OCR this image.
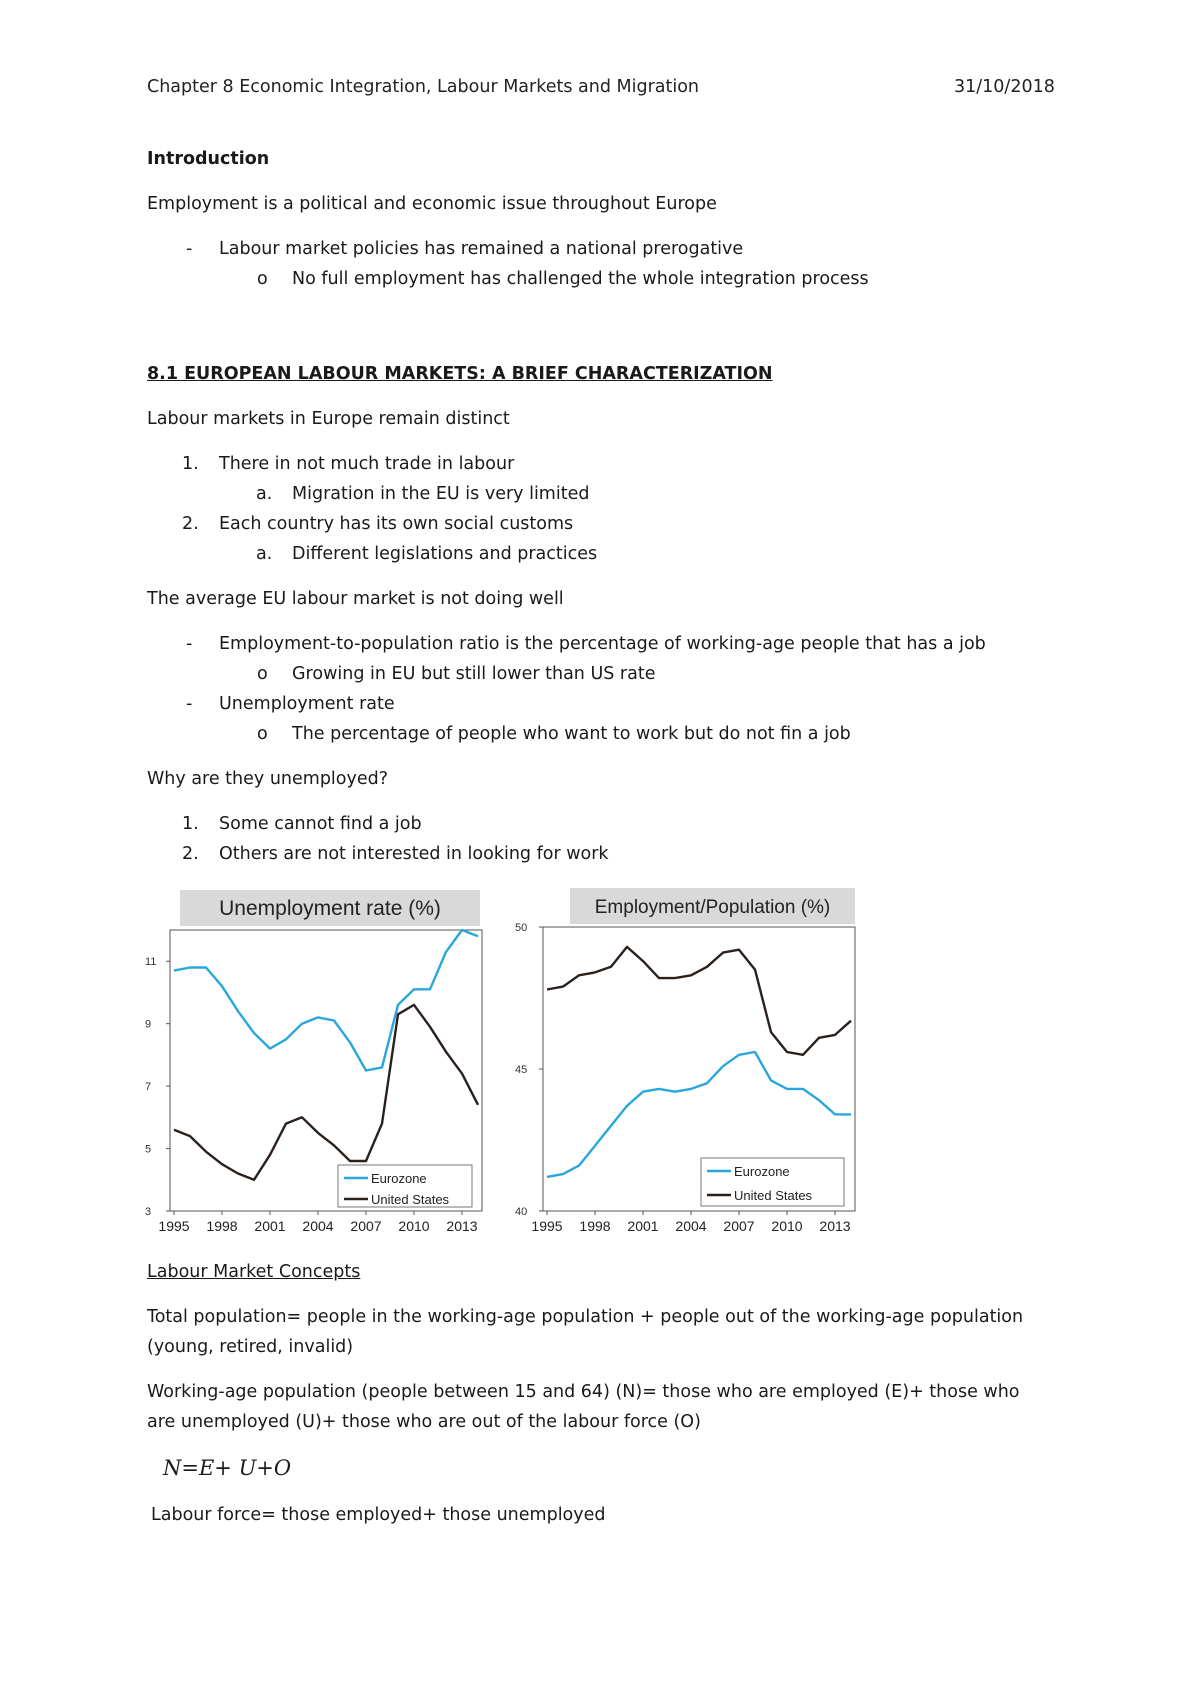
Chapter 8 Economic Integration, Labour Markets and Migration	31/10/2018
Introduction
Employment is a political and economic issue throughout Europe
- Labour market policies has remained a national prerogative
o No full employment has challenged the whole integration process
8.1 EUROPEAN LABOUR MARKETS: A BRIEF CHARACTERIZATION
Labour markets in Europe remain distinct
1. There in not much trade in labour
a. Migration in the EU is very limited
2. Each country has its own social customs
a. Different legislations and practices
The average EU labour market is not doing well
- Employment-to-population ratio is the percentage of working-age people that has a job
o Growing in EU but still lower than US rate
- Unemployment rate
o The percentage of people who want to work but do not fin a job
Why are they unemployed?
1. Some cannot find a job
2. Others are not interested in looking for work
Unemployment rate (%)
3
5
7
9
11
1995 1998 2001 2004 2007 2010 2013
Eurozone
United States
Employment/Population (%)
40
45
50
1995 1998 2001 2004 2007 2010 2013
Eurozone
United States
Labour Market Concepts
Total population= people in the working-age population + people out of the working-age population
(young, retired, invalid)
Working-age population (people between 15 and 64) (N)= those who are employed (E)+ those who
are unemployed (U)+ those who are out of the labour force (O)
N=E+ U+O
Labour force= those employed+ those unemployed
